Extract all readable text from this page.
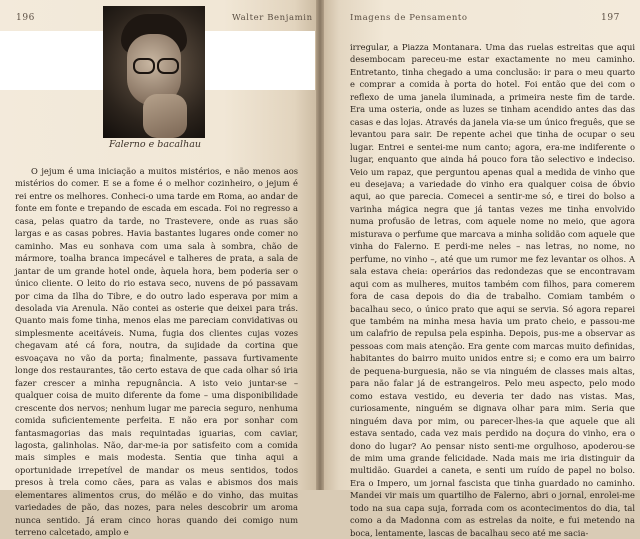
196	Walter Benjamin
Falerno e bacalhau

O jejum é uma iniciação a muitos mistérios, e não menos aos mistérios do comer. E se a fome é o melhor cozinheiro, o jejum é rei entre os melhores. Conheci-o uma tarde em Roma, ao andar de fonte em fonte e trepando de escada em escada. Foi no regresso a casa, pelas quatro da tarde, no Trastevere, onde as ruas são largas e as casas pobres. Havia bastantes lugares onde comer no caminho. Mas eu sonhava com uma sala à sombra, chão de mármore, toalha branca impecável e talheres de prata, a sala de jantar de um grande hotel onde, àquela hora, bem poderia ser o único cliente. O leito do rio estava seco, nuvens de pó passavam por cima da Ilha do Tibre, e do outro lado esperava por mim a desolada via Arenula. Não contei as osterie que deixei para trás. Quanto mais fome tinha, menos elas me pareciam convidativas ou simplesmente aceitáveis. Numa, fugia dos clientes cujas vozes chegavam até cá fora, noutra, da sujidade da cortina que esvoaçava no vão da porta; finalmente, passava furtivamente longe dos restaurantes, tão certo estava de que cada olhar só iria fazer crescer a minha repugnância. A isto veio juntar-se – qualquer coisa de muito diferente da fome – uma disponibilidade crescente dos nervos; nenhum lugar me parecia seguro, nenhuma comida suficientemente perfeita. E não era por sonhar com fantasmagorias das mais requintadas iguarias, com caviar, lagosta, galinholas. Não, dar-me-ia por satisfeito com a comida mais simples e mais modesta. Sentia que tinha aqui a oportunidade irrepetível de mandar os meus sentidos, todos presos à trela como cães, para as valas e abismos dos mais elementares alimentos crus, do mélão e do vinho, das muitas variedades de pão, das nozes, para neles descobrir um aroma nunca sentido. Já eram cinco horas quando dei comigo num terreno calcetado, amplo e

Imagens de Pensamento	197

irregular, a Piazza Montanara. Uma das ruelas estreitas que aqui desembocam pareceu-me estar exactamente no meu caminho. Entretanto, tinha chegado a uma conclusão: ir para o meu quarto e comprar a comida à porta do hotel. Foi então que dei com o reflexo de uma janela iluminada, a primeira neste fim de tarde. Era uma osteria, onde as luzes se tinham acendido antes das das casas e das lojas. Através da janela via-se um único freguês, que se levantou para sair. De repente achei que tinha de ocupar o seu lugar. Entrei e sentei-me num canto; agora, era-me indiferente o lugar, enquanto que ainda há pouco fora tão selectivo e indeciso. Veio um rapaz, que perguntou apenas qual a medida de vinho que eu desejava; a variedade do vinho era qualquer coisa de óbvio aqui, ao que parecia. Comecei a sentir-me só, e tirei do bolso a varinha mágica negra que já tantas vezes me tinha envolvido numa profusão de letras, com aquele nome no meio, que agora misturava o perfume que marcava a minha solidão com aquele que vinha do Falerno. E perdi-me neles – nas letras, no nome, no perfume, no vinho –, até que um rumor me fez levantar os olhos. A sala estava cheia: operários das redondezas que se encontravam aqui com as mulheres, muitos também com filhos, para comerem fora de casa depois do dia de trabalho. Comiam também o bacalhau seco, o único prato que aqui se servia. Só agora reparei que também na minha mesa havia um prato cheio, e passou-me um calafrio de repulsa pela espinha. Depois, pus-me a observar as pessoas com mais atenção. Era gente com marcas muito definidas, habitantes do bairro muito unidos entre si; e como era um bairro de pequena-burguesia, não se via ninguém de classes mais altas, para não falar já de estrangeiros. Pelo meu aspecto, pelo modo como estava vestido, eu deveria ter dado nas vistas. Mas, curiosamente, ninguém se dignava olhar para mim. Seria que ninguém dava por mim, ou parecer-lhes-ia que aquele que ali estava sentado, cada vez mais perdido na doçura do vinho, era o dono do lugar? Ao pensar nisto senti-me orgulhoso, apoderou-se de mim uma grande felicidade. Nada mais me iria distinguir da multidão. Guardei a caneta, e senti um ruído de papel no bolso. Era o Impero, um jornal fascista que tinha guardado no caminho. Mandei vir mais um quartilho de Falerno, abri o jornal, enrolei-me todo na sua capa suja, forrada com os acontecimentos do dia, tal como a da Madonna com as estrelas da noite, e fui metendo na boca, lentamente, lascas de bacalhau seco até me sacia-
